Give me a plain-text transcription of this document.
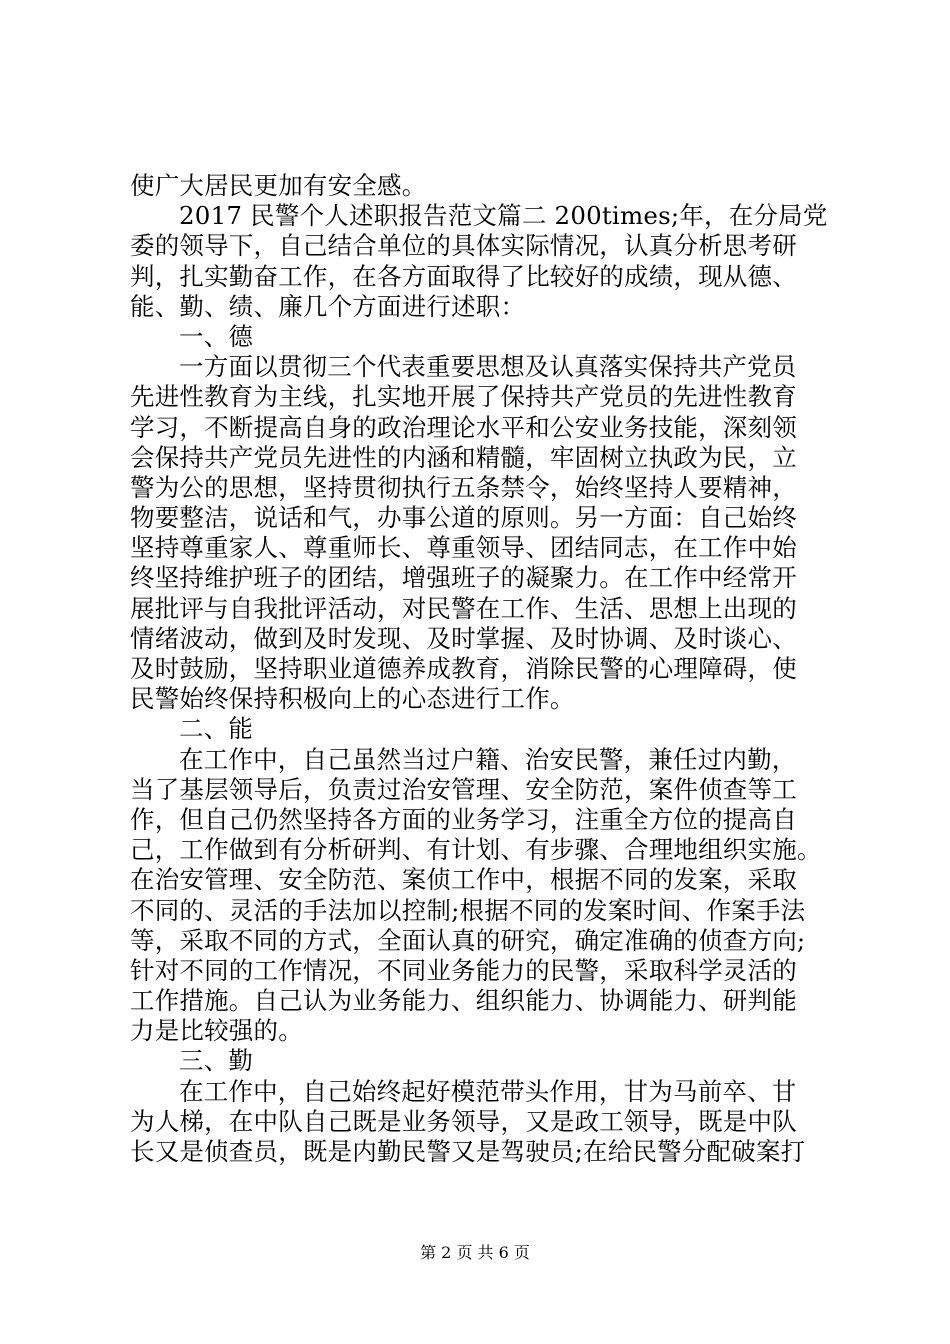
使广大居民更加有安全感。
2017 民警个人述职报告范文篇二 200times;年，在分局党
委的领导下，自己结合单位的具体实际情况，认真分析思考研
判，扎实勤奋工作，在各方面取得了比较好的成绩，现从德、
能、勤、绩、廉几个方面进行述职：
一、德
一方面以贯彻三个代表重要思想及认真落实保持共产党员
先进性教育为主线，扎实地开展了保持共产党员的先进性教育
学习，不断提高自身的政治理论水平和公安业务技能，深刻领
会保持共产党员先进性的内涵和精髓，牢固树立执政为民，立
警为公的思想，坚持贯彻执行五条禁令，始终坚持人要精神，
物要整洁，说话和气，办事公道的原则。另一方面：自己始终
坚持尊重家人、尊重师长、尊重领导、团结同志，在工作中始
终坚持维护班子的团结，增强班子的凝聚力。在工作中经常开
展批评与自我批评活动，对民警在工作、生活、思想上出现的
情绪波动，做到及时发现、及时掌握、及时协调、及时谈心、
及时鼓励，坚持职业道德养成教育，消除民警的心理障碍，使
民警始终保持积极向上的心态进行工作。
二、能
在工作中，自己虽然当过户籍、治安民警，兼任过内勤，
当了基层领导后，负责过治安管理、安全防范，案件侦查等工
作，但自己仍然坚持各方面的业务学习，注重全方位的提高自
己，工作做到有分析研判、有计划、有步骤、合理地组织实施。
在治安管理、安全防范、案侦工作中，根据不同的发案，采取
不同的、灵活的手法加以控制;根据不同的发案时间、作案手法
等，采取不同的方式，全面认真的研究，确定准确的侦查方向;
针对不同的工作情况，不同业务能力的民警，采取科学灵活的
工作措施。自己认为业务能力、组织能力、协调能力、研判能
力是比较强的。
三、勤
在工作中，自己始终起好模范带头作用，甘为马前卒、甘
为人梯，在中队自己既是业务领导，又是政工领导，既是中队
长又是侦查员，既是内勤民警又是驾驶员;在给民警分配破案打
第 2 页 共 6 页
